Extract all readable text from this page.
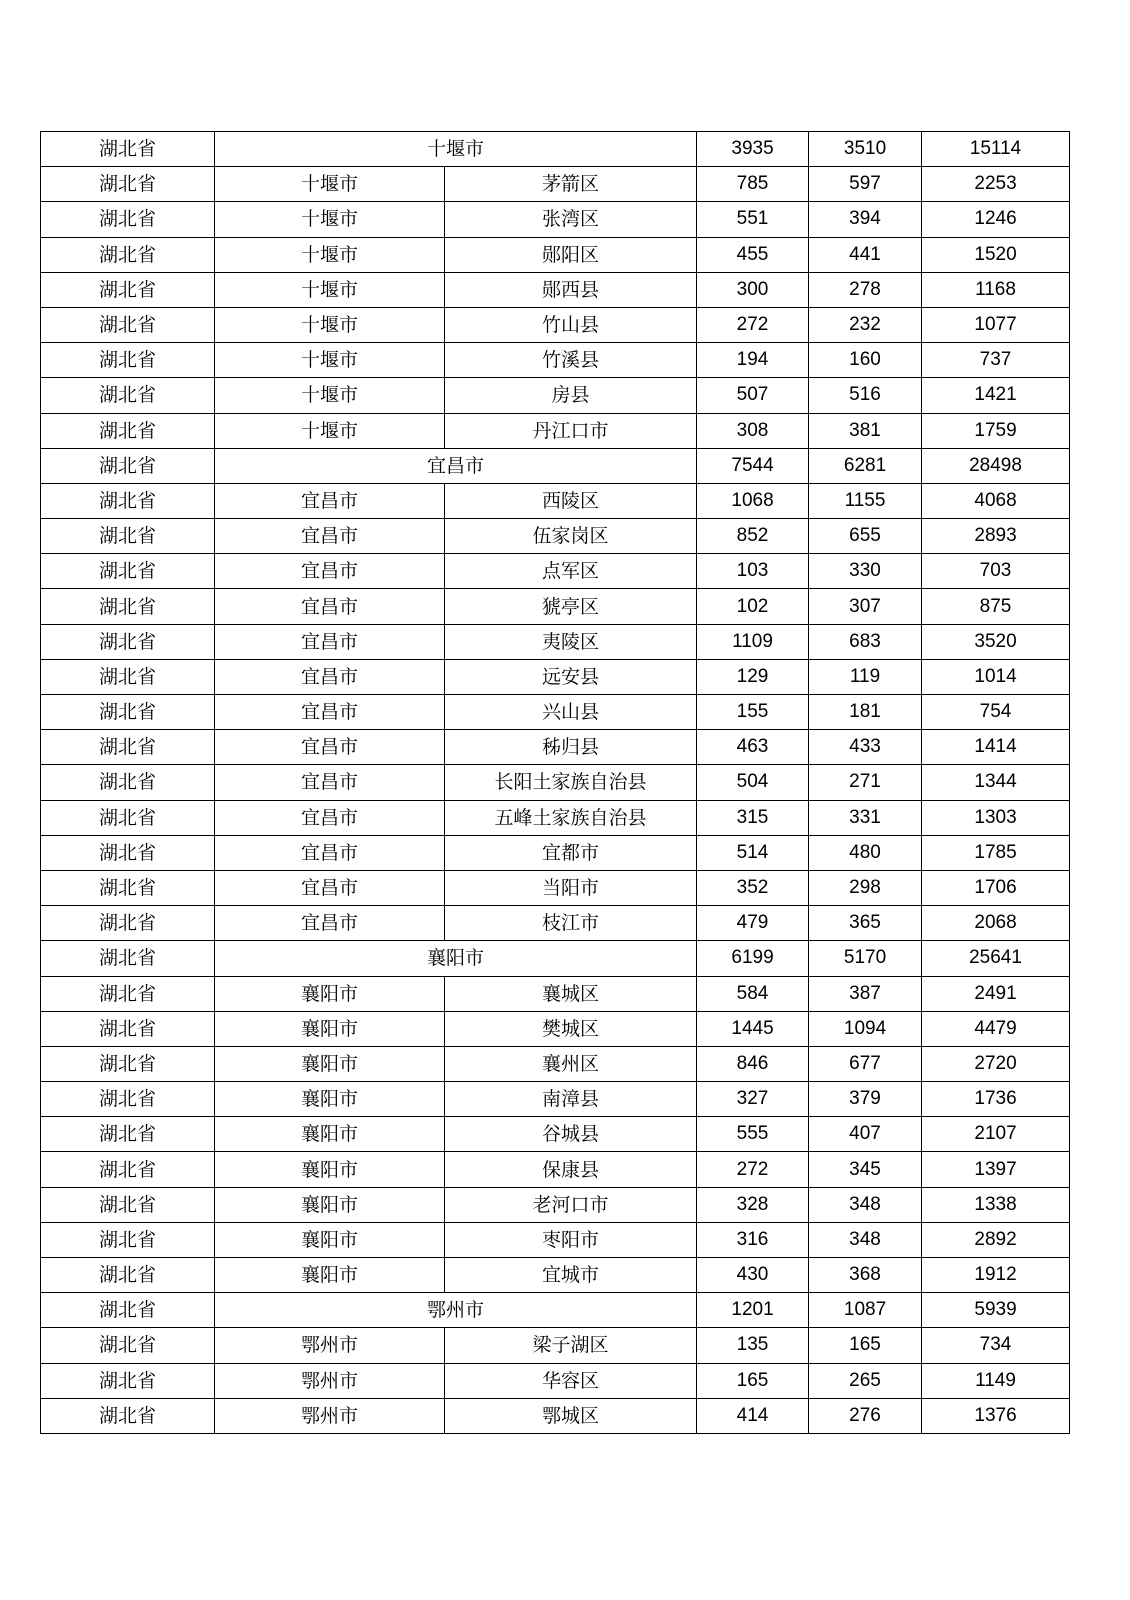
湖北省	十堰市		3935	3510	15114
湖北省	十堰市	茅箭区	785	597	2253
湖北省	十堰市	张湾区	551	394	1246
湖北省	十堰市	郧阳区	455	441	1520
湖北省	十堰市	郧西县	300	278	1168
湖北省	十堰市	竹山县	272	232	1077
湖北省	十堰市	竹溪县	194	160	737
湖北省	十堰市	房县	507	516	1421
湖北省	十堰市	丹江口市	308	381	1759
湖北省	宜昌市		7544	6281	28498
湖北省	宜昌市	西陵区	1068	1155	4068
湖北省	宜昌市	伍家岗区	852	655	2893
湖北省	宜昌市	点军区	103	330	703
湖北省	宜昌市	猇亭区	102	307	875
湖北省	宜昌市	夷陵区	1109	683	3520
湖北省	宜昌市	远安县	129	119	1014
湖北省	宜昌市	兴山县	155	181	754
湖北省	宜昌市	秭归县	463	433	1414
湖北省	宜昌市	长阳土家族自治县	504	271	1344
湖北省	宜昌市	五峰土家族自治县	315	331	1303
湖北省	宜昌市	宜都市	514	480	1785
湖北省	宜昌市	当阳市	352	298	1706
湖北省	宜昌市	枝江市	479	365	2068
湖北省	襄阳市		6199	5170	25641
湖北省	襄阳市	襄城区	584	387	2491
湖北省	襄阳市	樊城区	1445	1094	4479
湖北省	襄阳市	襄州区	846	677	2720
湖北省	襄阳市	南漳县	327	379	1736
湖北省	襄阳市	谷城县	555	407	2107
湖北省	襄阳市	保康县	272	345	1397
湖北省	襄阳市	老河口市	328	348	1338
湖北省	襄阳市	枣阳市	316	348	2892
湖北省	襄阳市	宜城市	430	368	1912
湖北省	鄂州市		1201	1087	5939
湖北省	鄂州市	梁子湖区	135	165	734
湖北省	鄂州市	华容区	165	265	1149
湖北省	鄂州市	鄂城区	414	276	1376
